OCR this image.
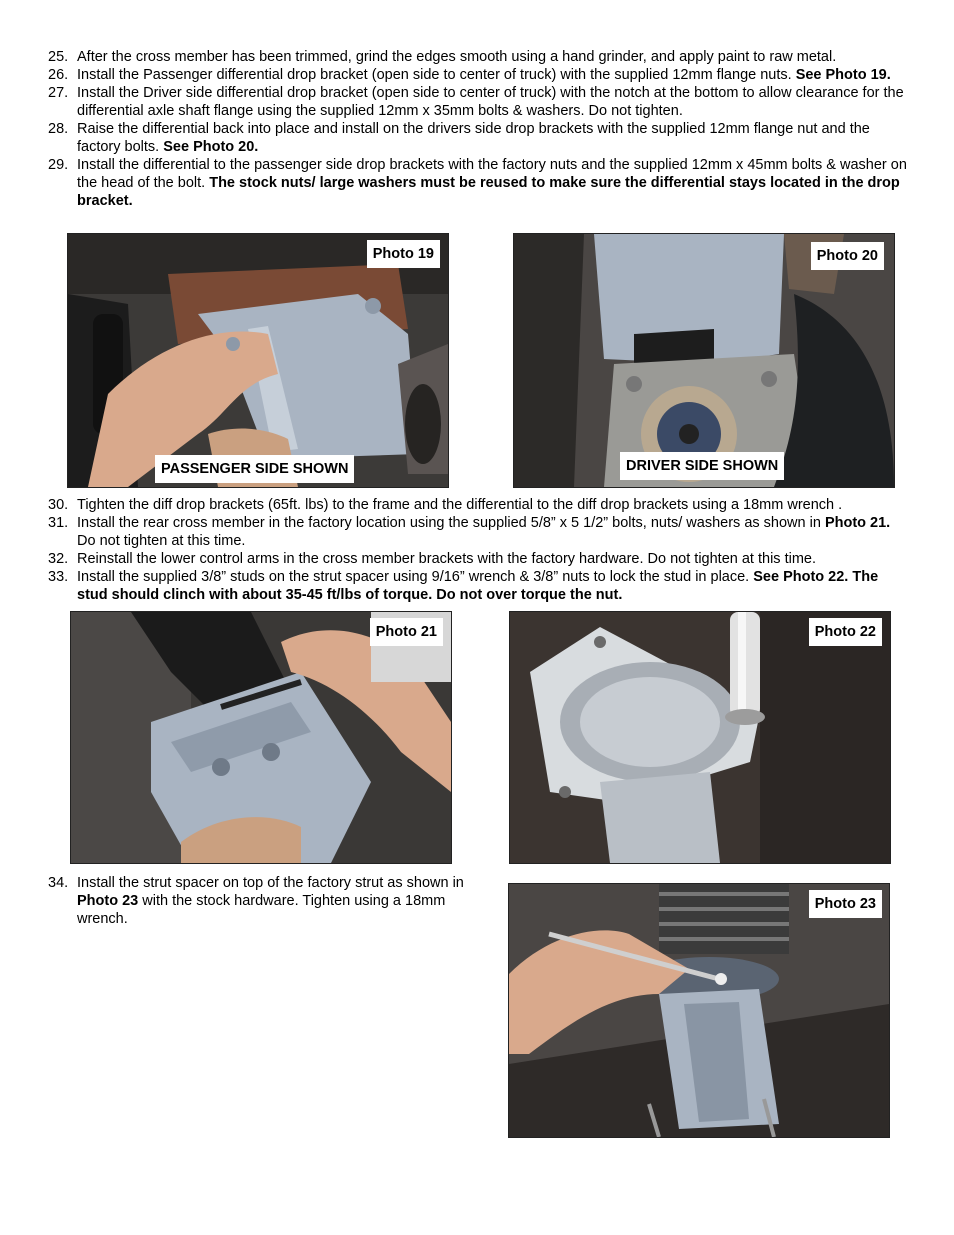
25. After the cross member has been trimmed, grind the edges smooth using a hand grinder, and apply paint to raw metal.
26. Install the Passenger differential drop bracket (open side to center of truck) with the supplied 12mm flange nuts. See Photo 19.
27. Install the Driver side differential drop bracket (open side to center of truck) with the notch at the bottom to allow clearance for the differential axle shaft flange using the supplied 12mm x 35mm bolts & washers. Do not tighten.
28. Raise the differential back into place and install on the drivers side drop brackets with the supplied 12mm flange nut and the factory bolts. See Photo 20.
29. Install the differential to the passenger side drop brackets with the factory nuts and the supplied 12mm x 45mm bolts & washer on the head of the bolt. The stock nuts/ large washers must be reused to make sure the differential stays located in the drop bracket.
Photo 19
PASSENGER SIDE SHOWN
Photo 20
DRIVER SIDE SHOWN
30. Tighten the diff drop brackets (65ft. lbs) to the frame and the differential to the diff drop brackets using a 18mm wrench .
31. Install the rear cross member in the factory location using the supplied 5/8” x 5 1/2” bolts, nuts/ washers as shown in Photo 21. Do not tighten at this time.
32. Reinstall the lower control arms in the cross member brackets with the factory hardware. Do not tighten at this time.
33. Install the supplied 3/8” studs on the strut spacer using 9/16” wrench & 3/8” nuts to lock the stud in place. See Photo 22. The stud should clinch with about 35-45 ft/lbs of torque. Do not over torque the nut.
Photo 21	Photo 22
34. Install the strut spacer on top of the factory strut as shown in Photo 23 with the stock hardware. Tighten using a 18mm wrench.
Photo 23
